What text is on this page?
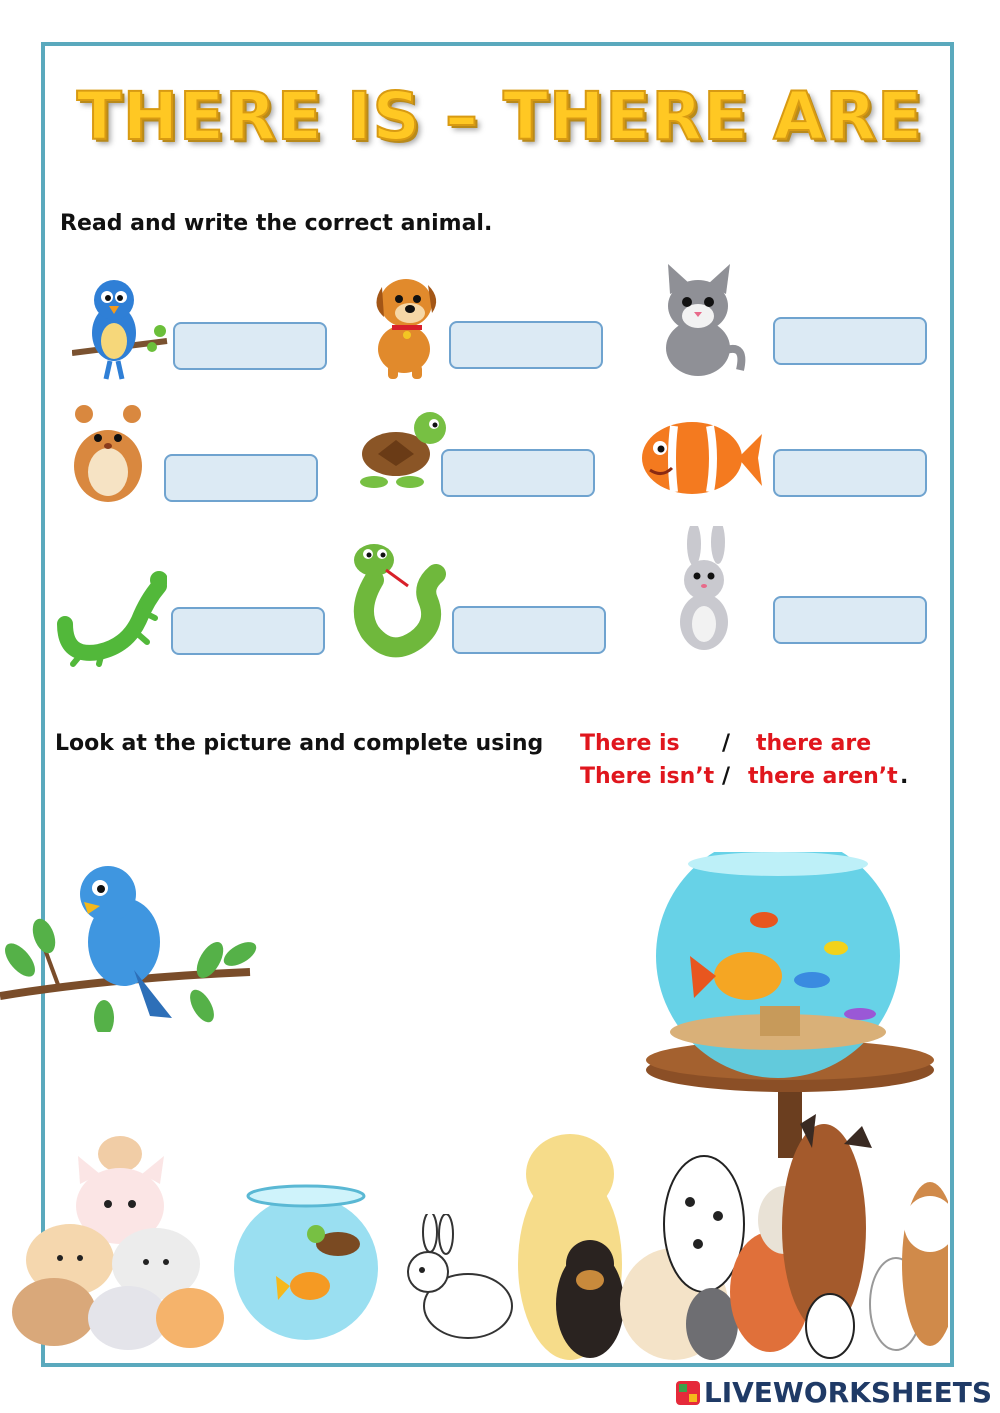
THERE IS – THERE ARE
Read and write the correct animal.
Look at the picture and complete using There is / there are
There isn’t / there aren’t .
LIVEWORKSHEETS
